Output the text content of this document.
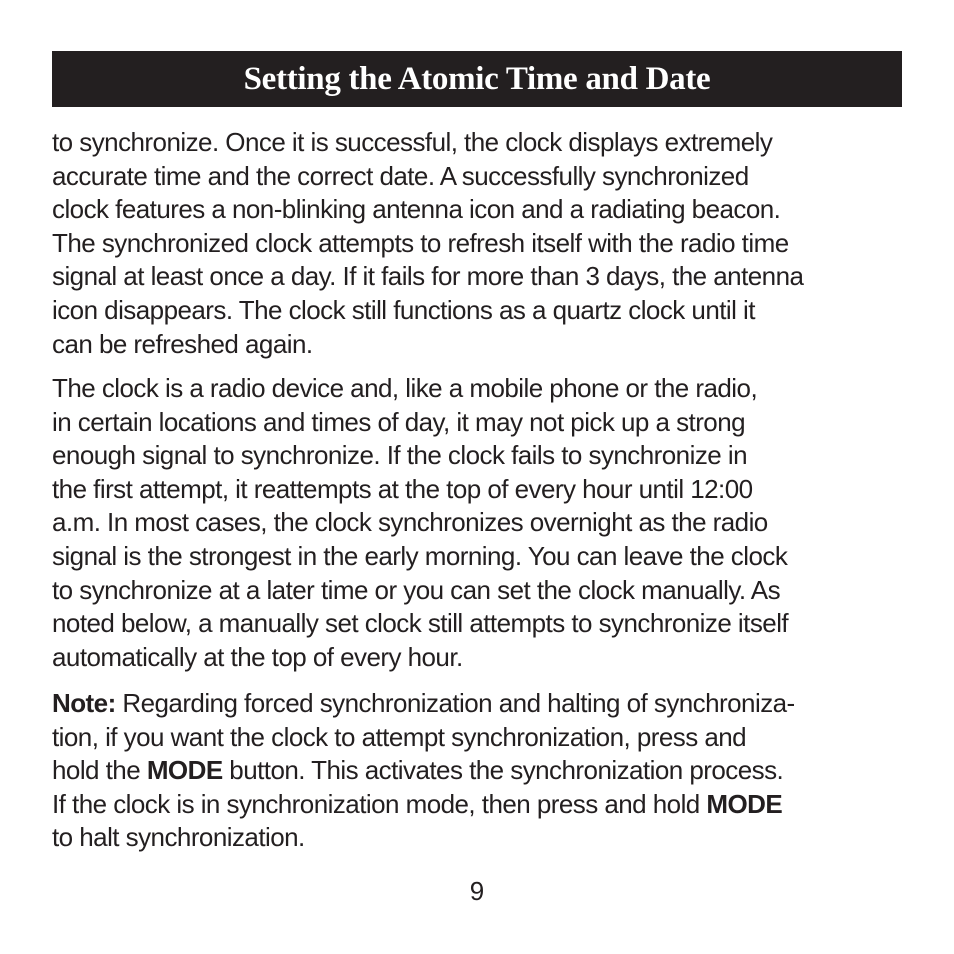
Setting the Atomic Time and Date
to synchronize. Once it is successful, the clock displays extremely
accurate time and the correct date. A successfully synchronized
clock features a non-blinking antenna icon and a radiating beacon.
The synchronized clock attempts to refresh itself with the radio time
signal at least once a day. If it fails for more than 3 days, the antenna
icon disappears. The clock still functions as a quartz clock until it
can be refreshed again.
The clock is a radio device and, like a mobile phone or the radio,
in certain locations and times of day, it may not pick up a strong
enough signal to synchronize. If the clock fails to synchronize in
the first attempt, it reattempts at the top of every hour until 12:00
a.m. In most cases, the clock synchronizes overnight as the radio
signal is the strongest in the early morning. You can leave the clock
to synchronize at a later time or you can set the clock manually. As
noted below, a manually set clock still attempts to synchronize itself
automatically at the top of every hour.
Note: Regarding forced synchronization and halting of synchroniza-
tion, if you want the clock to attempt synchronization, press and
hold the MODE button. This activates the synchronization process.
If the clock is in synchronization mode, then press and hold MODE
to halt synchronization.
9
